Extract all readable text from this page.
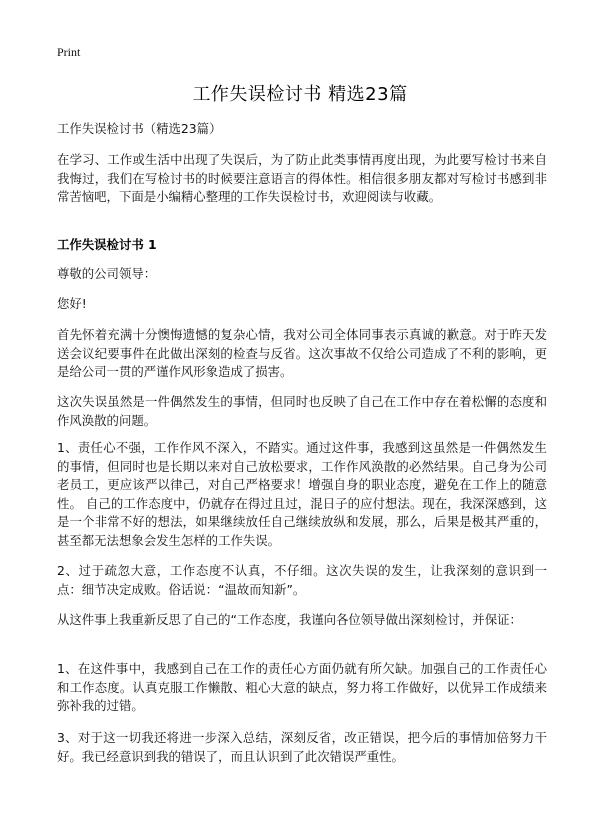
Print
工作失误检讨书 精选23篇

工作失误检讨书（精选23篇）

在学习、工作或生活中出现了失误后，为了防止此类事情再度出现，为此要写检讨书来自我悔过，我们在写检讨书的时候要注意语言的得体性。相信很多朋友都对写检讨书感到非常苦恼吧，下面是小编精心整理的工作失误检讨书，欢迎阅读与收藏。

工作失误检讨书 1

尊敬的公司领导：

您好!

首先怀着充满十分懊悔遗憾的复杂心情，我对公司全体同事表示真诚的歉意。对于昨天发送会议纪要事件在此做出深刻的检查与反省。这次事故不仅给公司造成了不利的影响，更是给公司一贯的严谨作风形象造成了损害。

这次失误虽然是一件偶然发生的事情，但同时也反映了自己在工作中存在着松懈的态度和作风涣散的问题。

1、责任心不强，工作作风不深入，不踏实。通过这件事，我感到这虽然是一件偶然发生的事情，但同时也是长期以来对自己放松要求，工作作风涣散的必然结果。自己身为公司老员工，更应该严以律己，对自己严格要求！增强自身的职业态度，避免在工作上的随意性。 自己的工作态度中，仍就存在得过且过，混日子的应付想法。现在，我深深感到，这是一个非常不好的想法，如果继续放任自己继续放纵和发展，那么，后果是极其严重的，甚至都无法想象会发生怎样的工作失误。

2、过于疏忽大意，工作态度不认真，不仔细。这次失误的发生，让我深刻的意识到一点：细节决定成败。俗话说：“温故而知新”。

从这件事上我重新反思了自己的“工作态度，我谨向各位领导做出深刻检讨，并保证：

1、在这件事中，我感到自己在工作的责任心方面仍就有所欠缺。加强自己的工作责任心和工作态度。认真克服工作懒散、粗心大意的缺点，努力将工作做好，以优异工作成绩来弥补我的过错。

3、对于这一切我还将进一步深入总结，深刻反省，改正错误，把今后的事情加倍努力干好。我已经意识到我的错误了，而且认识到了此次错误严重性。
